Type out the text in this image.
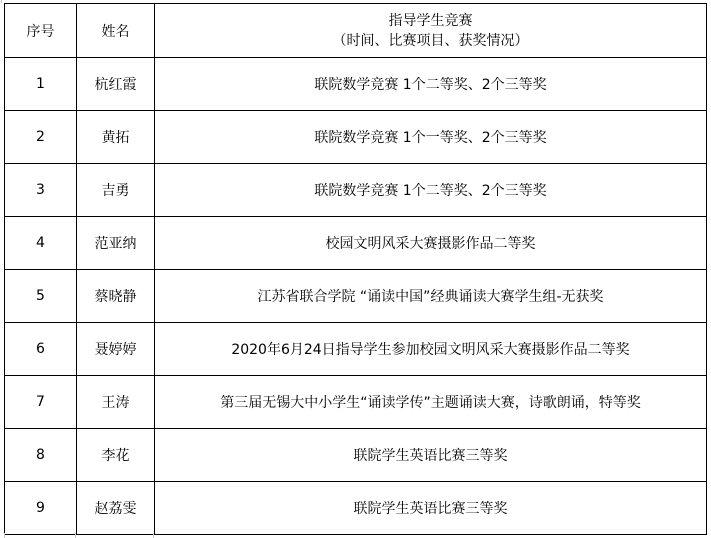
序号	姓名	指导学生竞赛
（时间、比赛项目、获奖情况）

1	杭红霞	联院数学竞赛 1个二等奖、2个三等奖
2	黄拓	联院数学竞赛 1个一等奖、2个三等奖
3	吉勇	联院数学竞赛 1个二等奖、2个三等奖
4	范亚纳	校园文明风采大赛摄影作品二等奖
5	蔡晓静	江苏省联合学院 “诵读中国”经典诵读大赛学生组-无获奖
6	聂婷婷	2020年6月24日指导学生参加校园文明风采大赛摄影作品二等奖
7	王涛	第三届无锡大中小学生“诵读学传”主题诵读大赛，诗歌朗诵，特等奖
8	李花	联院学生英语比赛三等奖
9	赵荔雯	联院学生英语比赛三等奖
